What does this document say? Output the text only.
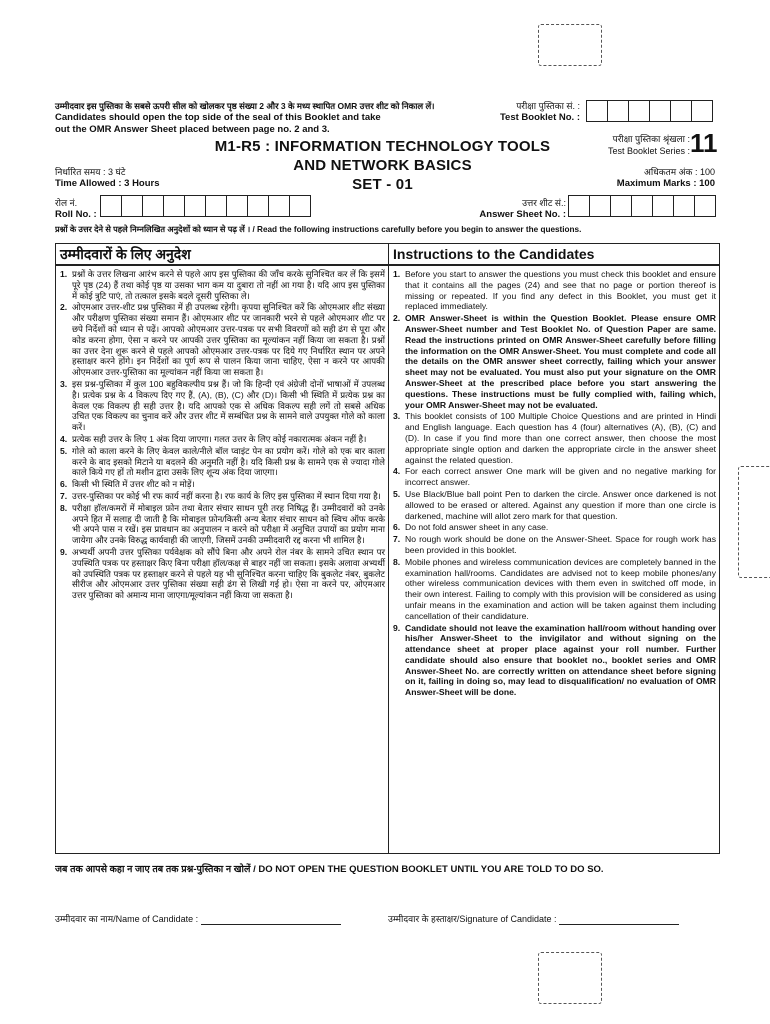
उम्मीदवार इस पुस्तिका के सबसे ऊपरी सील को खोलकर पृष्ठ संख्या 2 और 3 के मध्य स्थापित OMR उत्तर शीट को निकाल लें।
Candidates should open the top side of the seal of this Booklet and take
out the OMR Answer Sheet placed between page no. 2 and 3.
परीक्षा पुस्तिका सं. :
Test Booklet No. :
M1-R5 : INFORMATION TECHNOLOGY TOOLS
AND NETWORK BASICS
SET - 01
परीक्षा पुस्तिका श्रृंखला :
Test Booklet Series : 11
निर्धारित समय : 3 घंटे
Time Allowed : 3 Hours
अधिकतम अंक : 100
Maximum Marks : 100
रोल नं.
Roll No. :
उत्तर शीट सं.:
Answer Sheet No. :
प्रश्नों के उत्तर देने से पहले निम्नलिखित अनुदेशों को ध्यान से पढ़ लें । / Read the following instructions carefully before you begin to answer the questions.
उम्मीदवारों के लिए अनुदेश	Instructions to the Candidates
1. प्रश्नों के उत्तर लिखना आरंभ करने से पहले आप इस पुस्तिका की जाँच करके सुनिश्चित कर लें कि इसमें पूरे पृष्ठ (24) हैं तथा कोई पृष्ठ या उसका भाग कम या दुबारा तो नहीं आ गया है। यदि आप इस पुस्तिका में कोई त्रुटि पाएं, तो तत्काल इसके बदले दूसरी पुस्तिका ले।
2. ओएमआर उत्तर-शीट प्रश्न पुस्तिका में ही उपलब्ध रहेगी। कृपया सुनिश्चित करें कि ओएमआर शीट संख्या और परीक्षण पुस्तिका संख्या समान हैं। ओएमआर शीट पर जानकारी भरने से पहले ओएमआर शीट पर छपे निर्देशों को ध्यान से पढ़ें। आपको ओएमआर उत्तर-पत्रक पर सभी विवरणों को सही ढंग से पूरा और कोड करना होगा, ऐसा न करने पर आपकी उत्तर पुस्तिका का मूल्यांकन नहीं किया जा सकता है। प्रश्नों का उत्तर देना शुरू करने से पहले आपको ओएमआर उत्तर-पत्रक पर दिये गए निर्धारित स्थान पर अपने हस्ताक्षर करने होंगे। इन निर्देशों का पूर्ण रूप से पालन किया जाना चाहिए, ऐसा न करने पर आपकी ओएमआर उत्तर-पुस्तिका का मूल्यांकन नहीं किया जा सकता है।
3. इस प्रश्न-पुस्तिका में कुल 100 बहुविकल्पीय प्रश्न हैं। जो कि हिन्दी एवं अंग्रेजी दोनों भाषाओं में उपलब्ध है। प्रत्येक प्रश्न के 4 विकल्प दिए गए हैं, (A), (B), (C) और (D)। किसी भी स्थिति में प्रत्येक प्रश्न का केवल एक विकल्प ही सही उत्तर है। यदि आपको एक से अधिक विकल्प सही लगें तो सबसे अधिक उचित एक विकल्प का चुनाव करें और उत्तर शीट में सम्बंधित प्रश्न के सामने वाले उपयुक्त गोले को काला करें।
4. प्रत्येक सही उत्तर के लिए 1 अंक दिया जाएगा। गलत उत्तर के लिए कोई नकारात्मक अंकन नहीं है।
5. गोले को काला करने के लिए केवल काले/नीले बॉल प्वाइंट पेन का प्रयोग करें। गोले को एक बार काला करने के बाद इसको मिटाने या बदलने की अनुमति नहीं है। यदि किसी प्रश्न के सामने एक से ज्यादा गोले काले किये गए हों तो मशीन द्वारा उसके लिए शून्य अंक दिया जाएगा।
6. किसी भी स्थिति में उत्तर शीट को न मोड़ें।
7. उत्तर-पुस्तिका पर कोई भी रफ कार्य नहीं करना है। रफ कार्य के लिए इस पुस्तिका में स्थान दिया गया है।
8. परीक्षा हॉल/कमरों में मोबाइल फ़ोन तथा बेतार संचार साधन पूरी तरह निषिद्ध हैं। उम्मीदवारों को उनके अपने हित में सलाह दी जाती है कि मोबाइल फ़ोन/किसी अन्य बेतार संचार साधन को स्विच ऑफ करके भी अपने पास न रखें। इस प्रावधान का अनुपालन न करने को परीक्षा में अनुचित उपायों का प्रयोग माना जायेगा और उनके विरुद्ध कार्यवाही की जाएगी, जिसमें उनकी उम्मीदवारी रद्द करना भी शामिल है।
9. अभ्यर्थी अपनी उत्तर पुस्तिका पर्यवेक्षक को सौंपे बिना और अपने रोल नंबर के सामने उचित स्थान पर उपस्थिति पत्रक पर हस्ताक्षर किए बिना परीक्षा हॉल/कक्ष से बाहर नहीं जा सकता। इसके अलावा अभ्यर्थी को उपस्थिति पत्रक पर हस्ताक्षर करने से पहले यह भी सुनिश्चित करना चाहिए कि बुकलेट नंबर, बुकलेट सीरीज और ओएमआर उत्तर पुस्तिका संख्या सही ढंग से लिखी गई हो। ऐसा ना करने पर, ओएमआर उत्तर पुस्तिका को अमान्य माना जाएगा/मूल्यांकन नहीं किया जा सकता है।
1. Before you start to answer the questions you must check this booklet and ensure that it contains all the pages (24) and see that no page or portion thereof is missing or repeated. If you find any defect in this Booklet, you must get it replaced immediately.
2. OMR Answer-Sheet is within the Question Booklet. Please ensure OMR Answer-Sheet number and Test Booklet No. of Question Paper are same. Read the instructions printed on OMR Answer-Sheet carefully before filling the information on the OMR Answer-Sheet. You must complete and code all the details on the OMR answer sheet correctly, failing which your answer sheet may not be evaluated. You must also put your signature on the OMR Answer-Sheet at the prescribed place before you start answering the questions. These instructions must be fully complied with, failing which, your OMR Answer-Sheet may not be evaluated.
3. This booklet consists of 100 Multiple Choice Questions and are printed in Hindi and English language. Each question has 4 (four) alternatives (A), (B), (C) and (D). In case if you find more than one correct answer, then choose the most appropriate single option and darken the appropriate circle in the answer sheet against the related question.
4. For each correct answer One mark will be given and no negative marking for incorrect answer.
5. Use Black/Blue ball point Pen to darken the circle. Answer once darkened is not allowed to be erased or altered. Against any question if more than one circle is darkened, machine will allot zero mark for that question.
6. Do not fold answer sheet in any case.
7. No rough work should be done on the Answer-Sheet. Space for rough work has been provided in this booklet.
8. Mobile phones and wireless communication devices are completely banned in the examination hall/rooms. Candidates are advised not to keep mobile phones/any other wireless communication devices with them even in switched off mode, in their own interest. Failing to comply with this provision will be considered as using unfair means in the examination and action will be taken against them including cancellation of their candidature.
9. Candidate should not leave the examination hall/room without handing over his/her Answer-Sheet to the invigilator and without signing on the attendance sheet at proper place against your roll number. Further candidate should also ensure that booklet no., booklet series and OMR Answer-Sheet No. are correctly written on attendance sheet before signing on it, failing in doing so, may lead to disqualification/ no evaluation of OMR Answer-Sheet will be done.
जब तक आपसे कहा न जाए तब तक प्रश्न-पुस्तिका न खोलें / DO NOT OPEN THE QUESTION BOOKLET UNTIL YOU ARE TOLD TO DO SO.
उम्मीदवार का नाम/Name of Candidate :	उम्मीदवार के हस्ताक्षर/Signature of Candidate :
